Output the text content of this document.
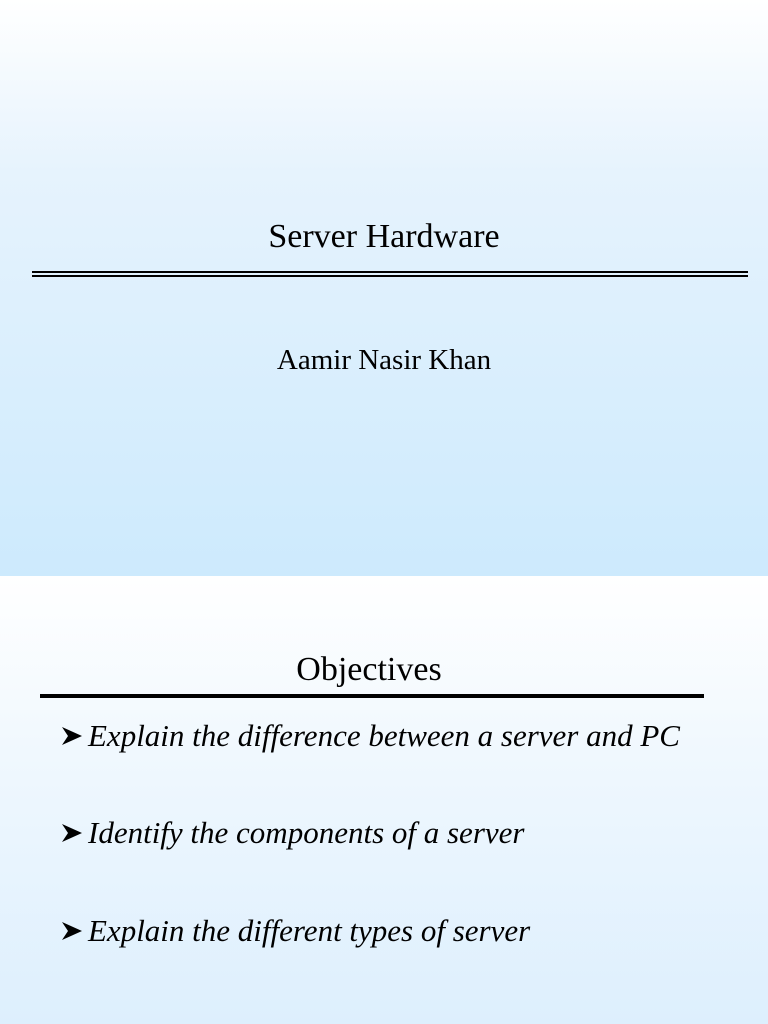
Server Hardware
Aamir Nasir Khan
Objectives
Explain the difference between a server and PC
Identify the components of a server
Explain the different types of server
